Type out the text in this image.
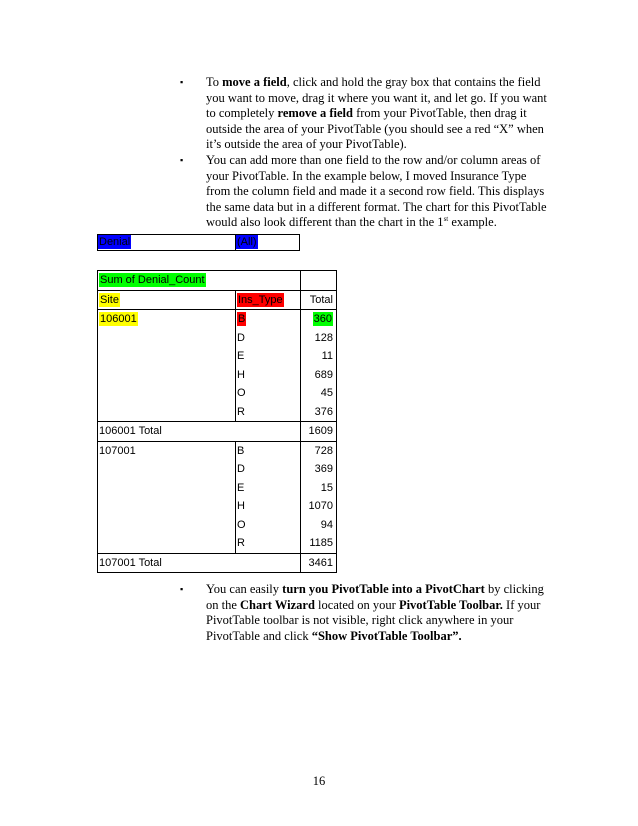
▪ To move a field, click and hold the gray box that contains the field you want to move, drag it where you want it, and let go. If you want to completely remove a field from your PivotTable, then drag it outside the area of your PivotTable (you should see a red “X” when it’s outside the area of your PivotTable).

▪ You can add more than one field to the row and/or column areas of your PivotTable. In the example below, I moved Insurance Type from the column field and made it a second row field. This displays the same data but in a different format. The chart for this PivotTable would also look different than the chart in the 1st example.

Denial	(All)
Sum of Denial_Count		
Site	Ins_Type	Total
106001	B	360
	D	128
	E	11
	H	689
	O	45
	R	376
106001 Total		1609
107001	B	728
	D	369
	E	15
	H	1070
	O	94
	R	1185
107001 Total		3461

▪ You can easily turn you PivotTable into a PivotChart by clicking on the Chart Wizard located on your PivotTable Toolbar. If your PivotTable toolbar is not visible, right click anywhere in your PivotTable and click “Show PivotTable Toolbar”.

16
